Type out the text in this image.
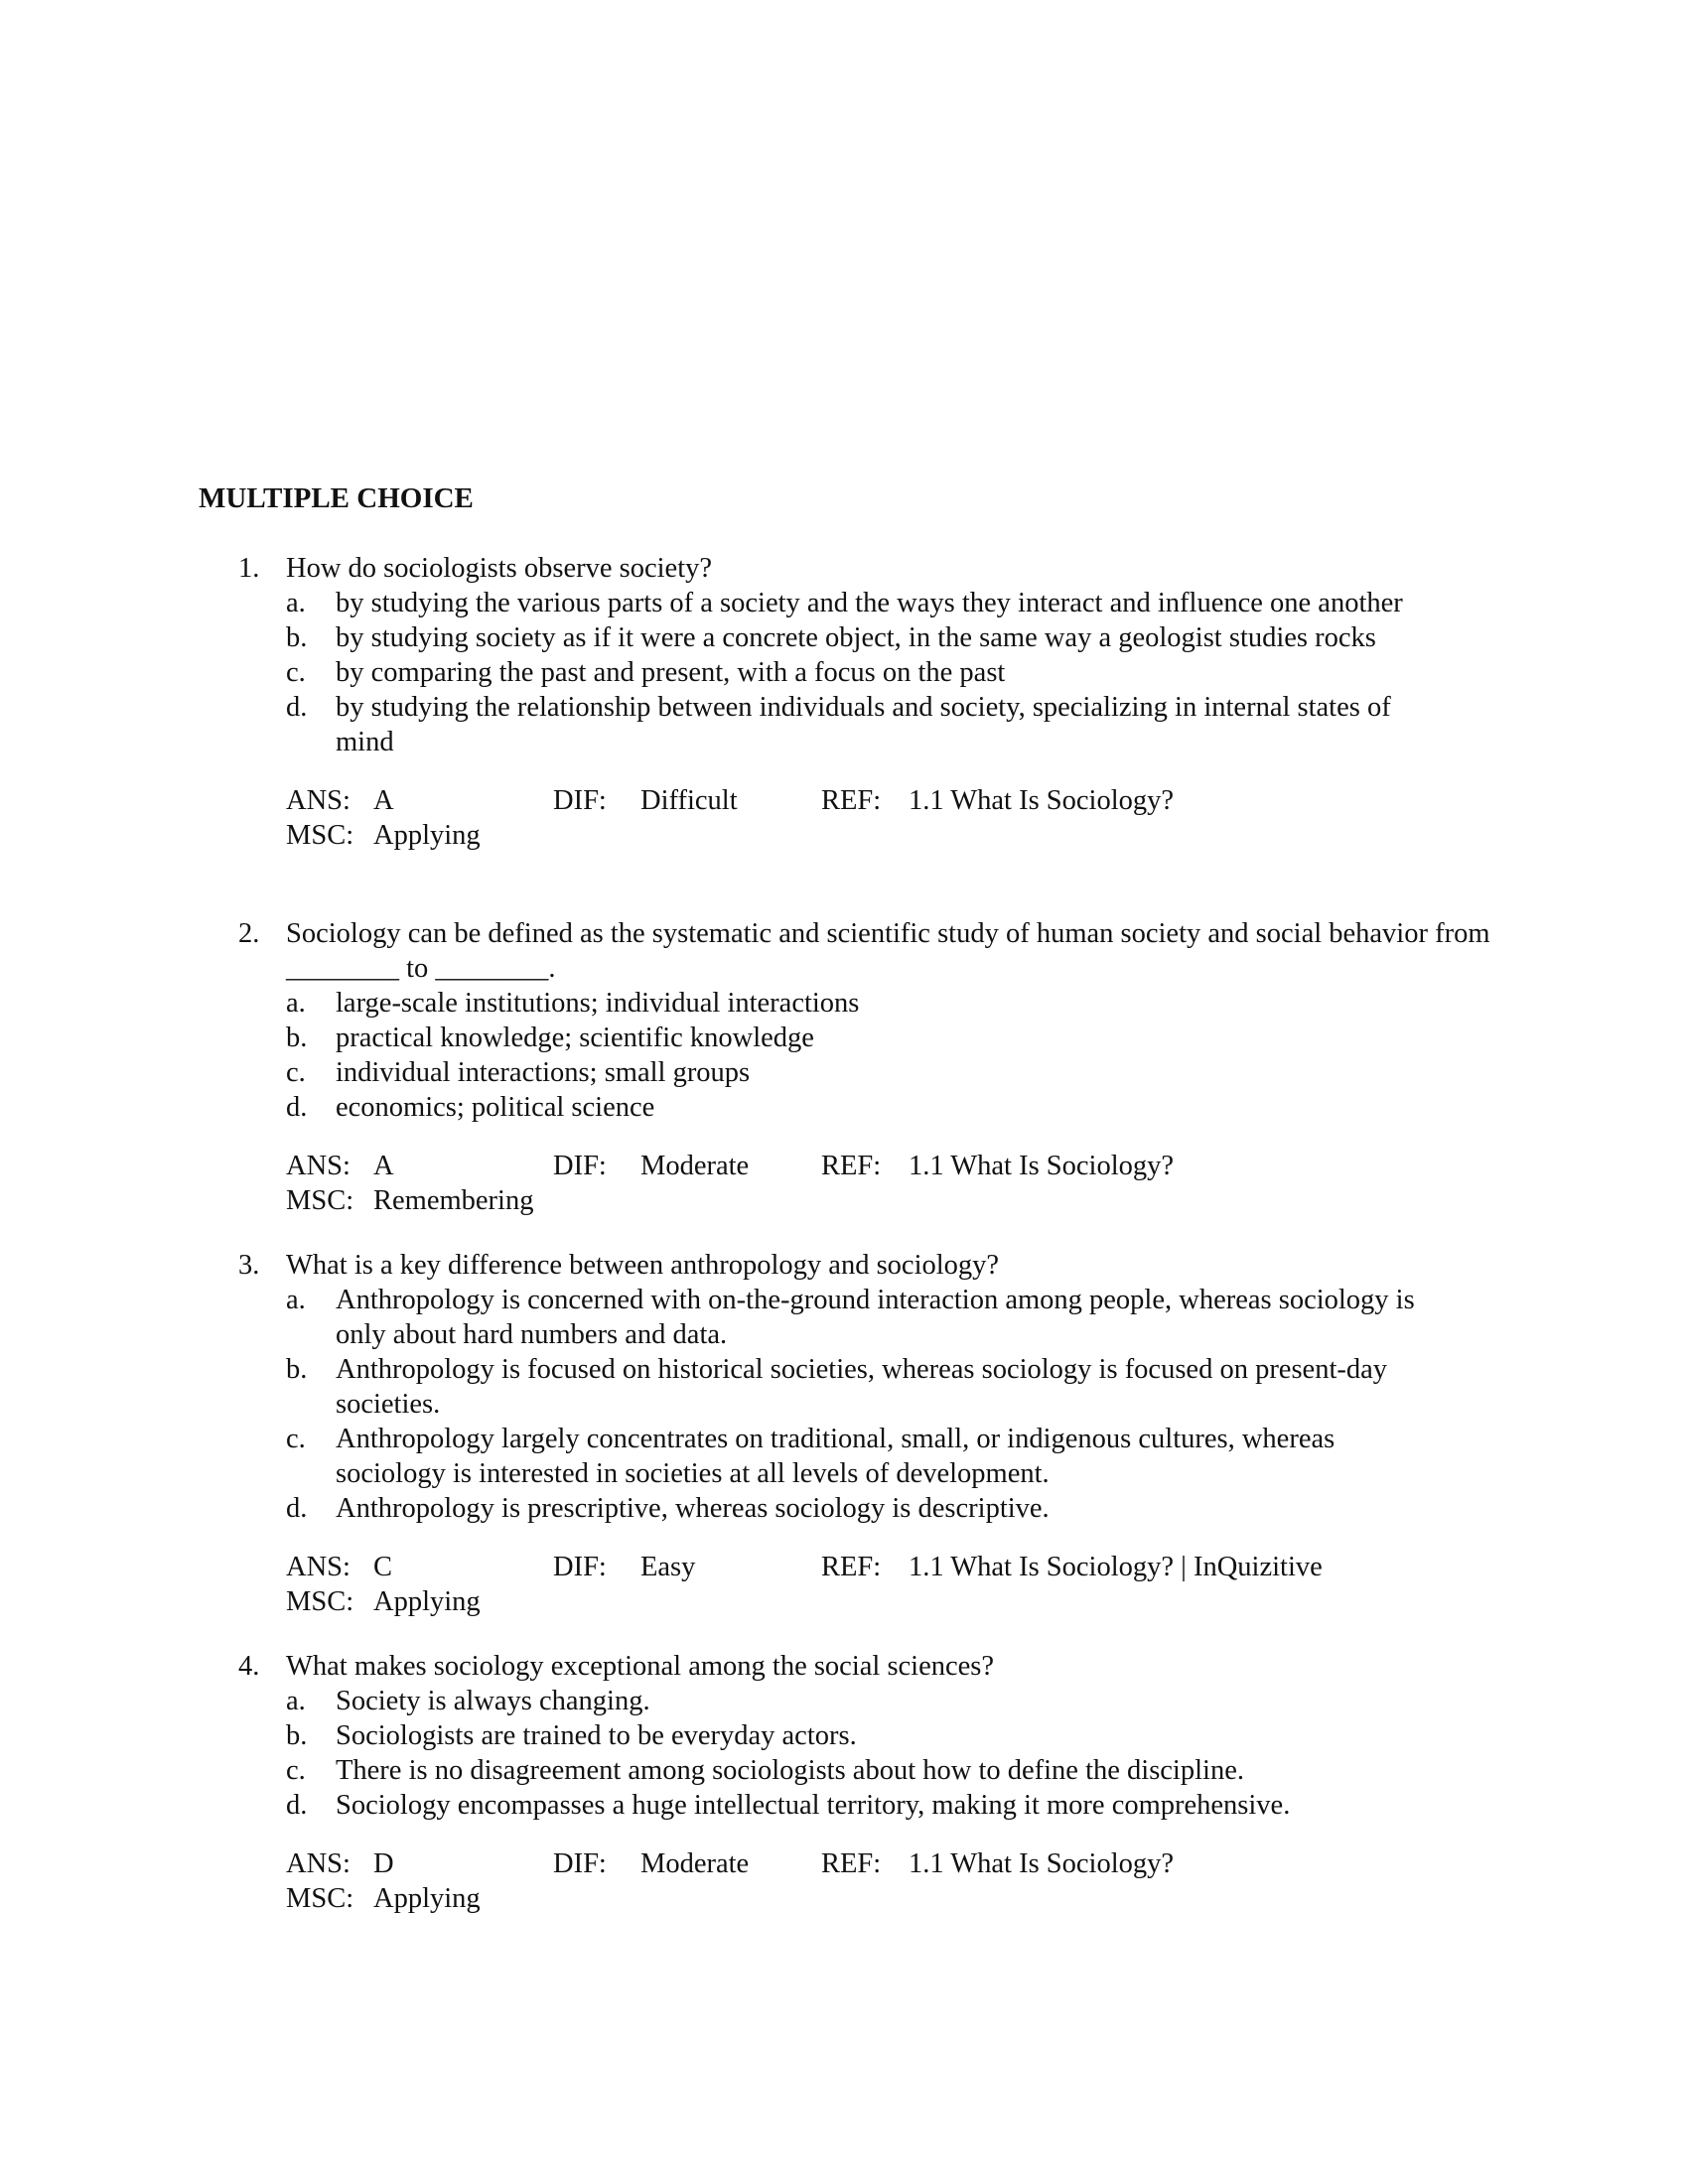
MULTIPLE CHOICE
1. How do sociologists observe society?
a. by studying the various parts of a society and the ways they interact and influence one another
b. by studying society as if it were a concrete object, in the same way a geologist studies rocks
c. by comparing the past and present, with a focus on the past
d. by studying the relationship between individuals and society, specializing in internal states of mind
ANS: A	DIF: Difficult	REF: 1.1 What Is Sociology?
MSC: Applying
2. Sociology can be defined as the systematic and scientific study of human society and social behavior from ________ to ________.
a. large-scale institutions; individual interactions
b. practical knowledge; scientific knowledge
c. individual interactions; small groups
d. economics; political science
ANS: A	DIF: Moderate	REF: 1.1 What Is Sociology?
MSC: Remembering
3. What is a key difference between anthropology and sociology?
a. Anthropology is concerned with on-the-ground interaction among people, whereas sociology is only about hard numbers and data.
b. Anthropology is focused on historical societies, whereas sociology is focused on present-day societies.
c. Anthropology largely concentrates on traditional, small, or indigenous cultures, whereas sociology is interested in societies at all levels of development.
d. Anthropology is prescriptive, whereas sociology is descriptive.
ANS: C	DIF: Easy	REF: 1.1 What Is Sociology? | InQuizitive
MSC: Applying
4. What makes sociology exceptional among the social sciences?
a. Society is always changing.
b. Sociologists are trained to be everyday actors.
c. There is no disagreement among sociologists about how to define the discipline.
d. Sociology encompasses a huge intellectual territory, making it more comprehensive.
ANS: D	DIF: Moderate	REF: 1.1 What Is Sociology?
MSC: Applying
